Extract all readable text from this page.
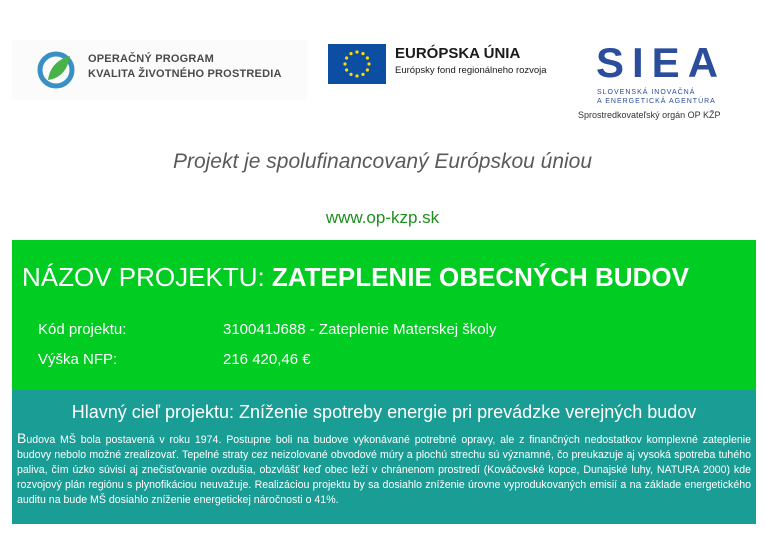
OPERAČNÝ PROGRAM
KVALITA ŽIVOTNÉHO PROSTREDIA
EURÓPSKA ÚNIA
Európsky fond regionálneho rozvoja SIEA
SLOVENSKÁ INOVAČNÁ
A ENERGETICKÁ AGENTÚRA
Sprostredkovateľský orgán OP KŽP
Projekt je spolufinancovaný Európskou úniou
www.op-kzp.sk
NÁZOV PROJEKTU: ZATEPLENIE OBECNÝCH BUDOV
Kód projektu:	310041J688 - Zateplenie Materskej školy
Výška NFP:	216 420,46 €
Hlavný cieľ projektu: Zníženie spotreby energie pri prevádzke verejných budov
Budova MŠ bola postavená v roku 1974. Postupne boli na budove vykonávané potrebné opravy, ale z finančných nedostatkov komplexné zateplenie budovy nebolo možné zrealizovať. Tepelné straty cez neizolované obvodové múry a plochú strechu sú významné, čo preukazuje aj vysoká spotreba tuhého paliva, čím úzko súvisí aj znečisťovanie ovzdušia, obzvlášť keď obec leží v chránenom prostredí (Kováčovské kopce, Dunajské luhy, NATURA 2000) kde rozvojový plán regiónu s plynofikáciou neuvažuje. Realizáciou projektu by sa dosiahlo zníženie úrovne vyprodukovaných emisií a na základe energetického auditu na bude MŠ dosiahlo zníženie energetickej náročnosti o 41%.
